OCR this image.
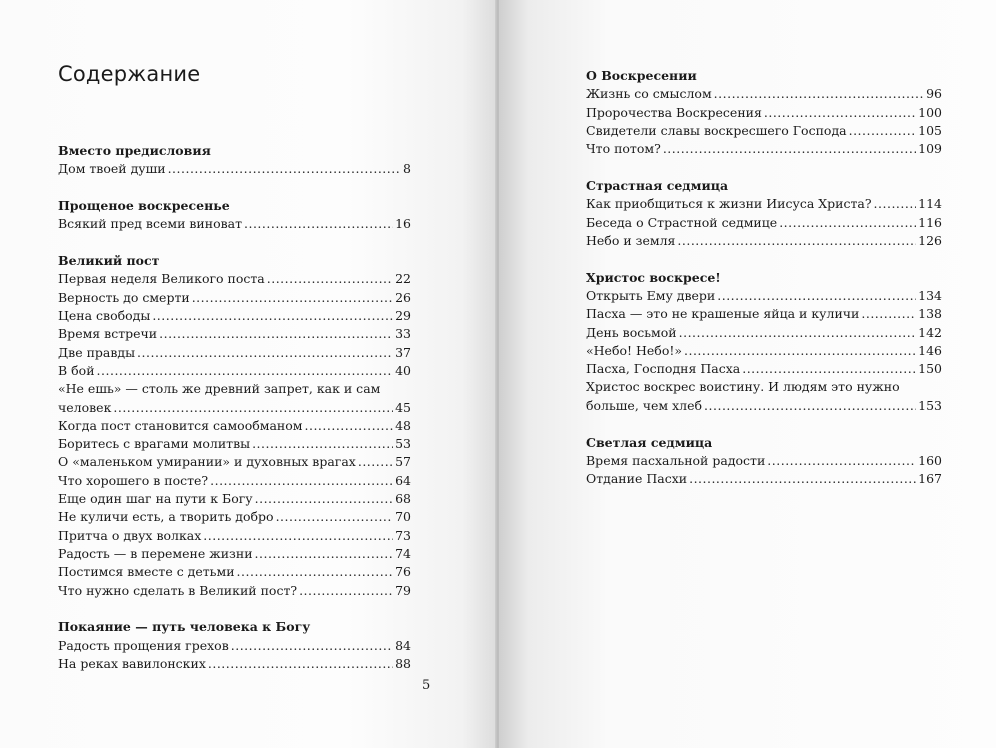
Содержание
Вместо предисловия
Дом твоей души .....	8
Прощеное воскресенье
Всякий пред всеми виноват .....	16
Великий пост
Первая неделя Великого поста .....	22
Верность до смерти .....	26
Цена свободы .....	29
Время встречи .....	33
Две правды .....	37
В бой .....	40
«Не ешь» — столь же древний запрет, как и сам
человек .....	45
Когда пост становится самообманом .....	48
Боритесь с врагами молитвы .....	53
О «маленьком умирании» и духовных врагах .....	57
Что хорошего в посте? .....	64
Еще один шаг на пути к Богу .....	68
Не куличи есть, а творить добро .....	70
Притча о двух волках .....	73
Радость — в перемене жизни .....	74
Постимся вместе с детьми .....	76
Что нужно сделать в Великий пост? .....	79
Покаяние — путь человека к Богу
Радость прощения грехов .....	84
На реках вавилонских .....	88
5
О Воскресении
Жизнь со смыслом .....	96
Пророчества Воскресения .....	100
Свидетели славы воскресшего Господа .....	105
Что потом? .....	109
Страстная седмица
Как приобщиться к жизни Иисуса Христа? .....	114
Беседа о Страстной седмице .....	116
Небо и земля .....	126
Христос воскресе!
Открыть Ему двери .....	134
Пасха — это не крашеные яйца и куличи .....	138
День восьмой .....	142
«Небо! Небо!» .....	146
Пасха, Господня Пасха .....	150
Христос воскрес воистину. И людям это нужно
больше, чем хлеб .....	153
Светлая седмица
Время пасхальной радости .....	160
Отдание Пасхи .....	167
